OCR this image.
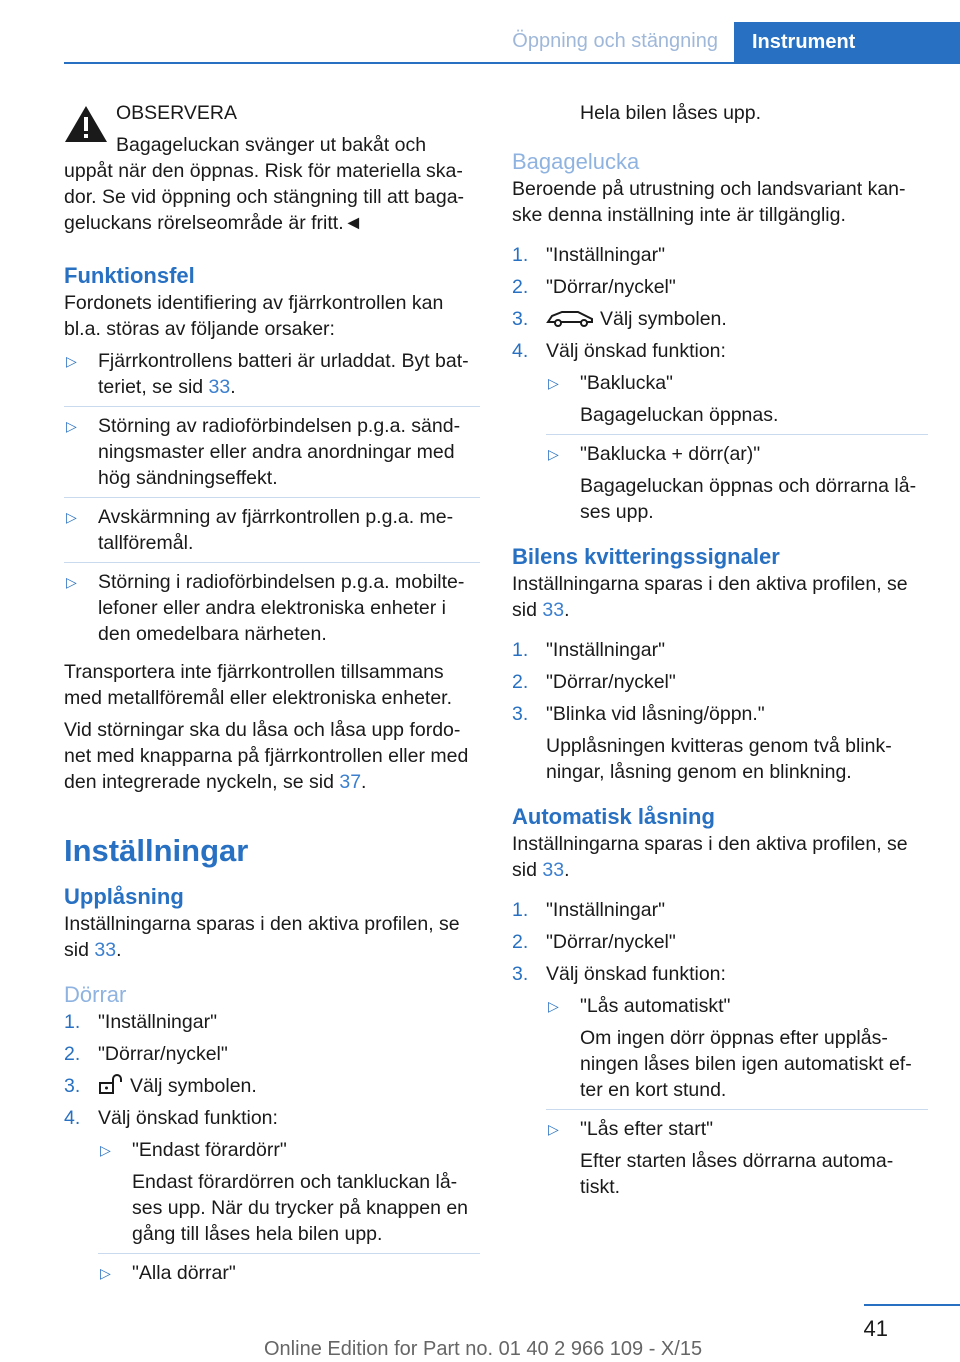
Öppning och stängning	Instrument

OBSERVERA

Bagageluckan svänger ut bakåt och uppåt när den öppnas. Risk för materiella ska-dor. Se vid öppning och stängning till att baga-geluckans rörelseområde är fritt.◄

Funktionsfel

Fordonets identifiering av fjärrkontrollen kan bl.a. störas av följande orsaker:

▷ Fjärrkontrollens batteri är urladdat. Byt bat-teriet, se sid 33.
▷ Störning av radioförbindelsen p.g.a. sänd-ningsmaster eller andra anordningar med hög sändningseffekt.
▷ Avskärmning av fjärrkontrollen p.g.a. me-tallföremål.
▷ Störning i radioförbindelsen p.g.a. mobilte-lefoner eller andra elektroniska enheter i den omedelbara närheten.

Transportera inte fjärrkontrollen tillsammans med metallföremål eller elektroniska enheter.

Vid störningar ska du låsa och låsa upp fordo-net med knapparna på fjärrkontrollen eller med den integrerade nyckeln, se sid 37.

Inställningar
Upplåsning

Inställningarna sparas i den aktiva profilen, se sid 33.

Dörrar
1. "Inställningar"
2. "Dörrar/nyckel"
3.	Välj symbolen.
4. Välj önskad funktion:
▷ "Endast förardörr"

Endast förardörren och tankluckan lå-ses upp. När du trycker på knappen en gång till låses hela bilen upp.

▷ "Alla dörrar"

Hela bilen låses upp.

Bagagelucka

Beroende på utrustning och landsvariant kan-ske denna inställning inte är tillgänglig.

1. "Inställningar"
2. "Dörrar/nyckel"
3.	Välj symbolen.
4. Välj önskad funktion:
▷ "Baklucka"

Bagageluckan öppnas.

▷ "Baklucka + dörr(ar)"

Bagageluckan öppnas och dörrarna lå-ses upp.

Bilens kvitteringssignaler

Inställningarna sparas i den aktiva profilen, se sid 33.

1. "Inställningar"
2. "Dörrar/nyckel"
3. "Blinka vid låsning/öppn."

Upplåsningen kvitteras genom två blink-ningar, låsning genom en blinkning.

Automatisk låsning

Inställningarna sparas i den aktiva profilen, se sid 33.

1. "Inställningar"
2. "Dörrar/nyckel"
3. Välj önskad funktion:
▷ "Lås automatiskt"

Om ingen dörr öppnas efter upplås-ningen låses bilen igen automatiskt ef-ter en kort stund.

▷ "Lås efter start"

Efter starten låses dörrarna automa-tiskt.

41
Online Edition for Part no. 01 40 2 966 109 - X/15
